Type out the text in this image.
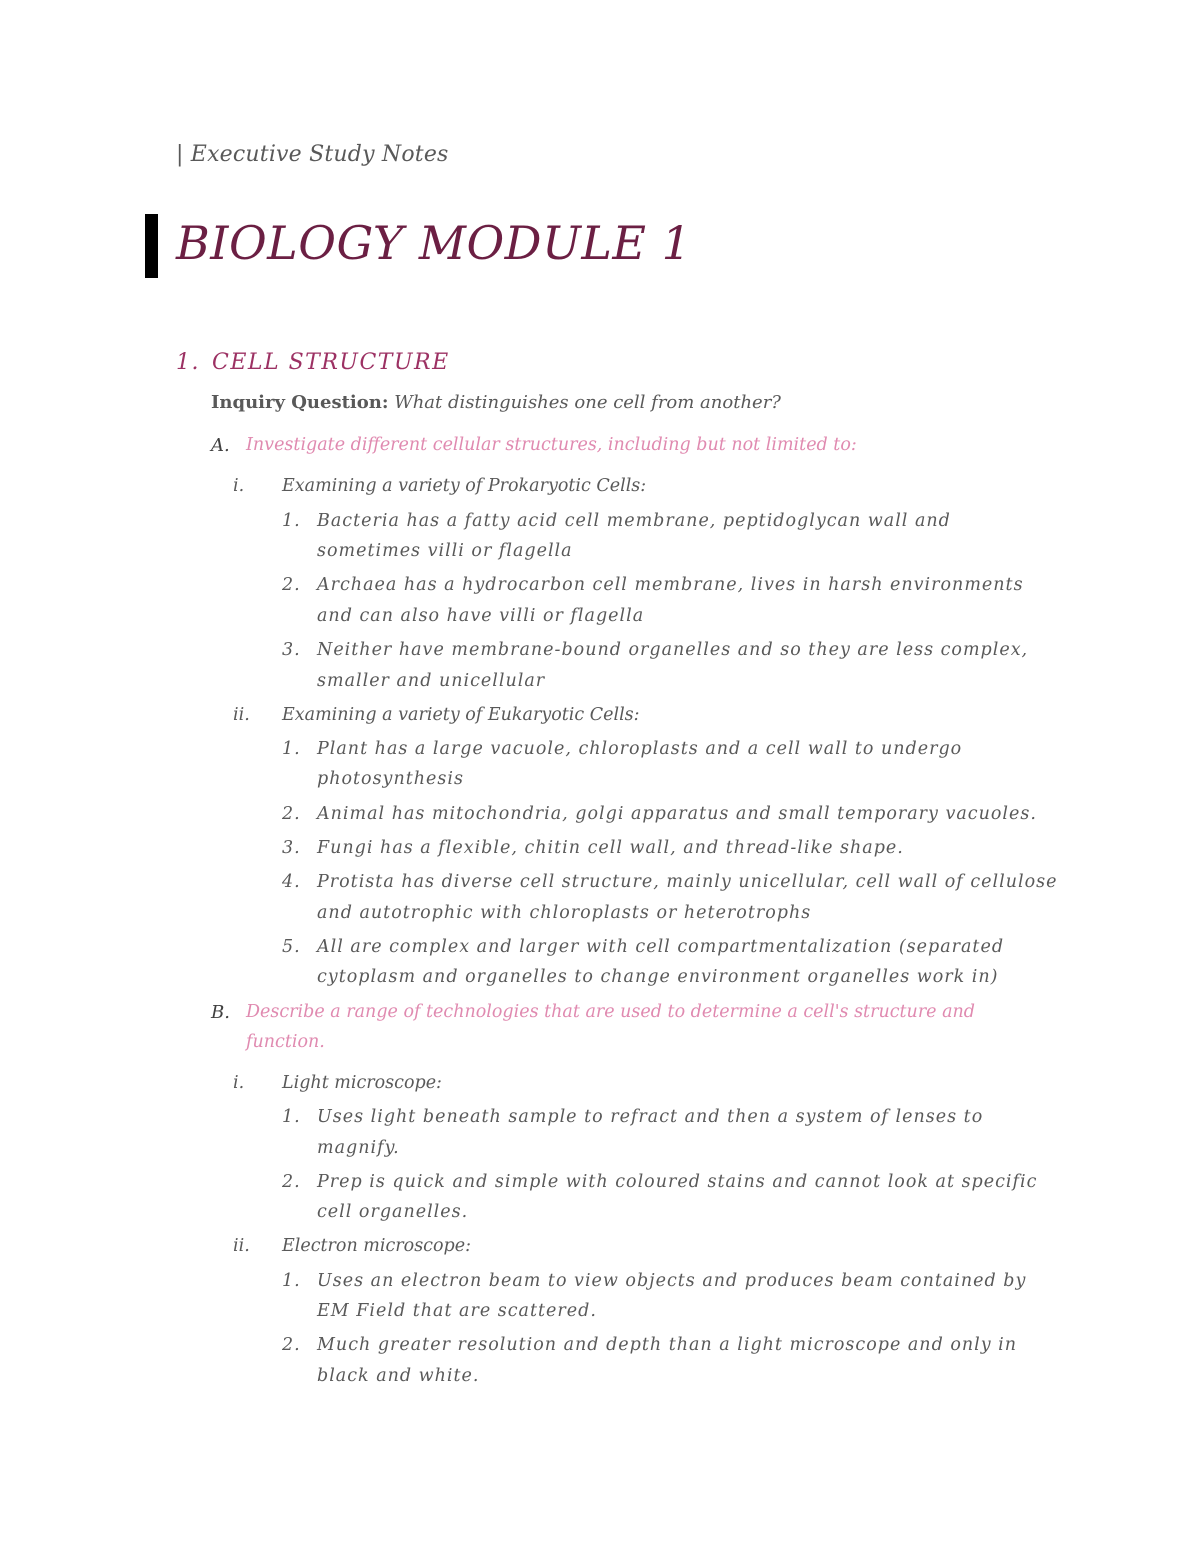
| Executive Study Notes
BIOLOGY MODULE 1
1. CELL STRUCTURE
Inquiry Question: What distinguishes one cell from another?
A. Investigate different cellular structures, including but not limited to:
i. Examining a variety of Prokaryotic Cells:
1. Bacteria has a fatty acid cell membrane, peptidoglycan wall and
sometimes villi or flagella
2. Archaea has a hydrocarbon cell membrane, lives in harsh environments
and can also have villi or flagella
3. Neither have membrane-bound organelles and so they are less complex,
smaller and unicellular
ii. Examining a variety of Eukaryotic Cells:
1. Plant has a large vacuole, chloroplasts and a cell wall to undergo
photosynthesis
2. Animal has mitochondria, golgi apparatus and small temporary vacuoles.
3. Fungi has a flexible, chitin cell wall, and thread-like shape.
4. Protista has diverse cell structure, mainly unicellular, cell wall of cellulose
and autotrophic with chloroplasts or heterotrophs
5. All are complex and larger with cell compartmentalization (separated
cytoplasm and organelles to change environment organelles work in)
B. Describe a range of technologies that are used to determine a cell's structure and
function.
i. Light microscope:
1. Uses light beneath sample to refract and then a system of lenses to
magnify.
2. Prep is quick and simple with coloured stains and cannot look at specific
cell organelles.
ii. Electron microscope:
1. Uses an electron beam to view objects and produces beam contained by
EM Field that are scattered.
2. Much greater resolution and depth than a light microscope and only in
black and white.
